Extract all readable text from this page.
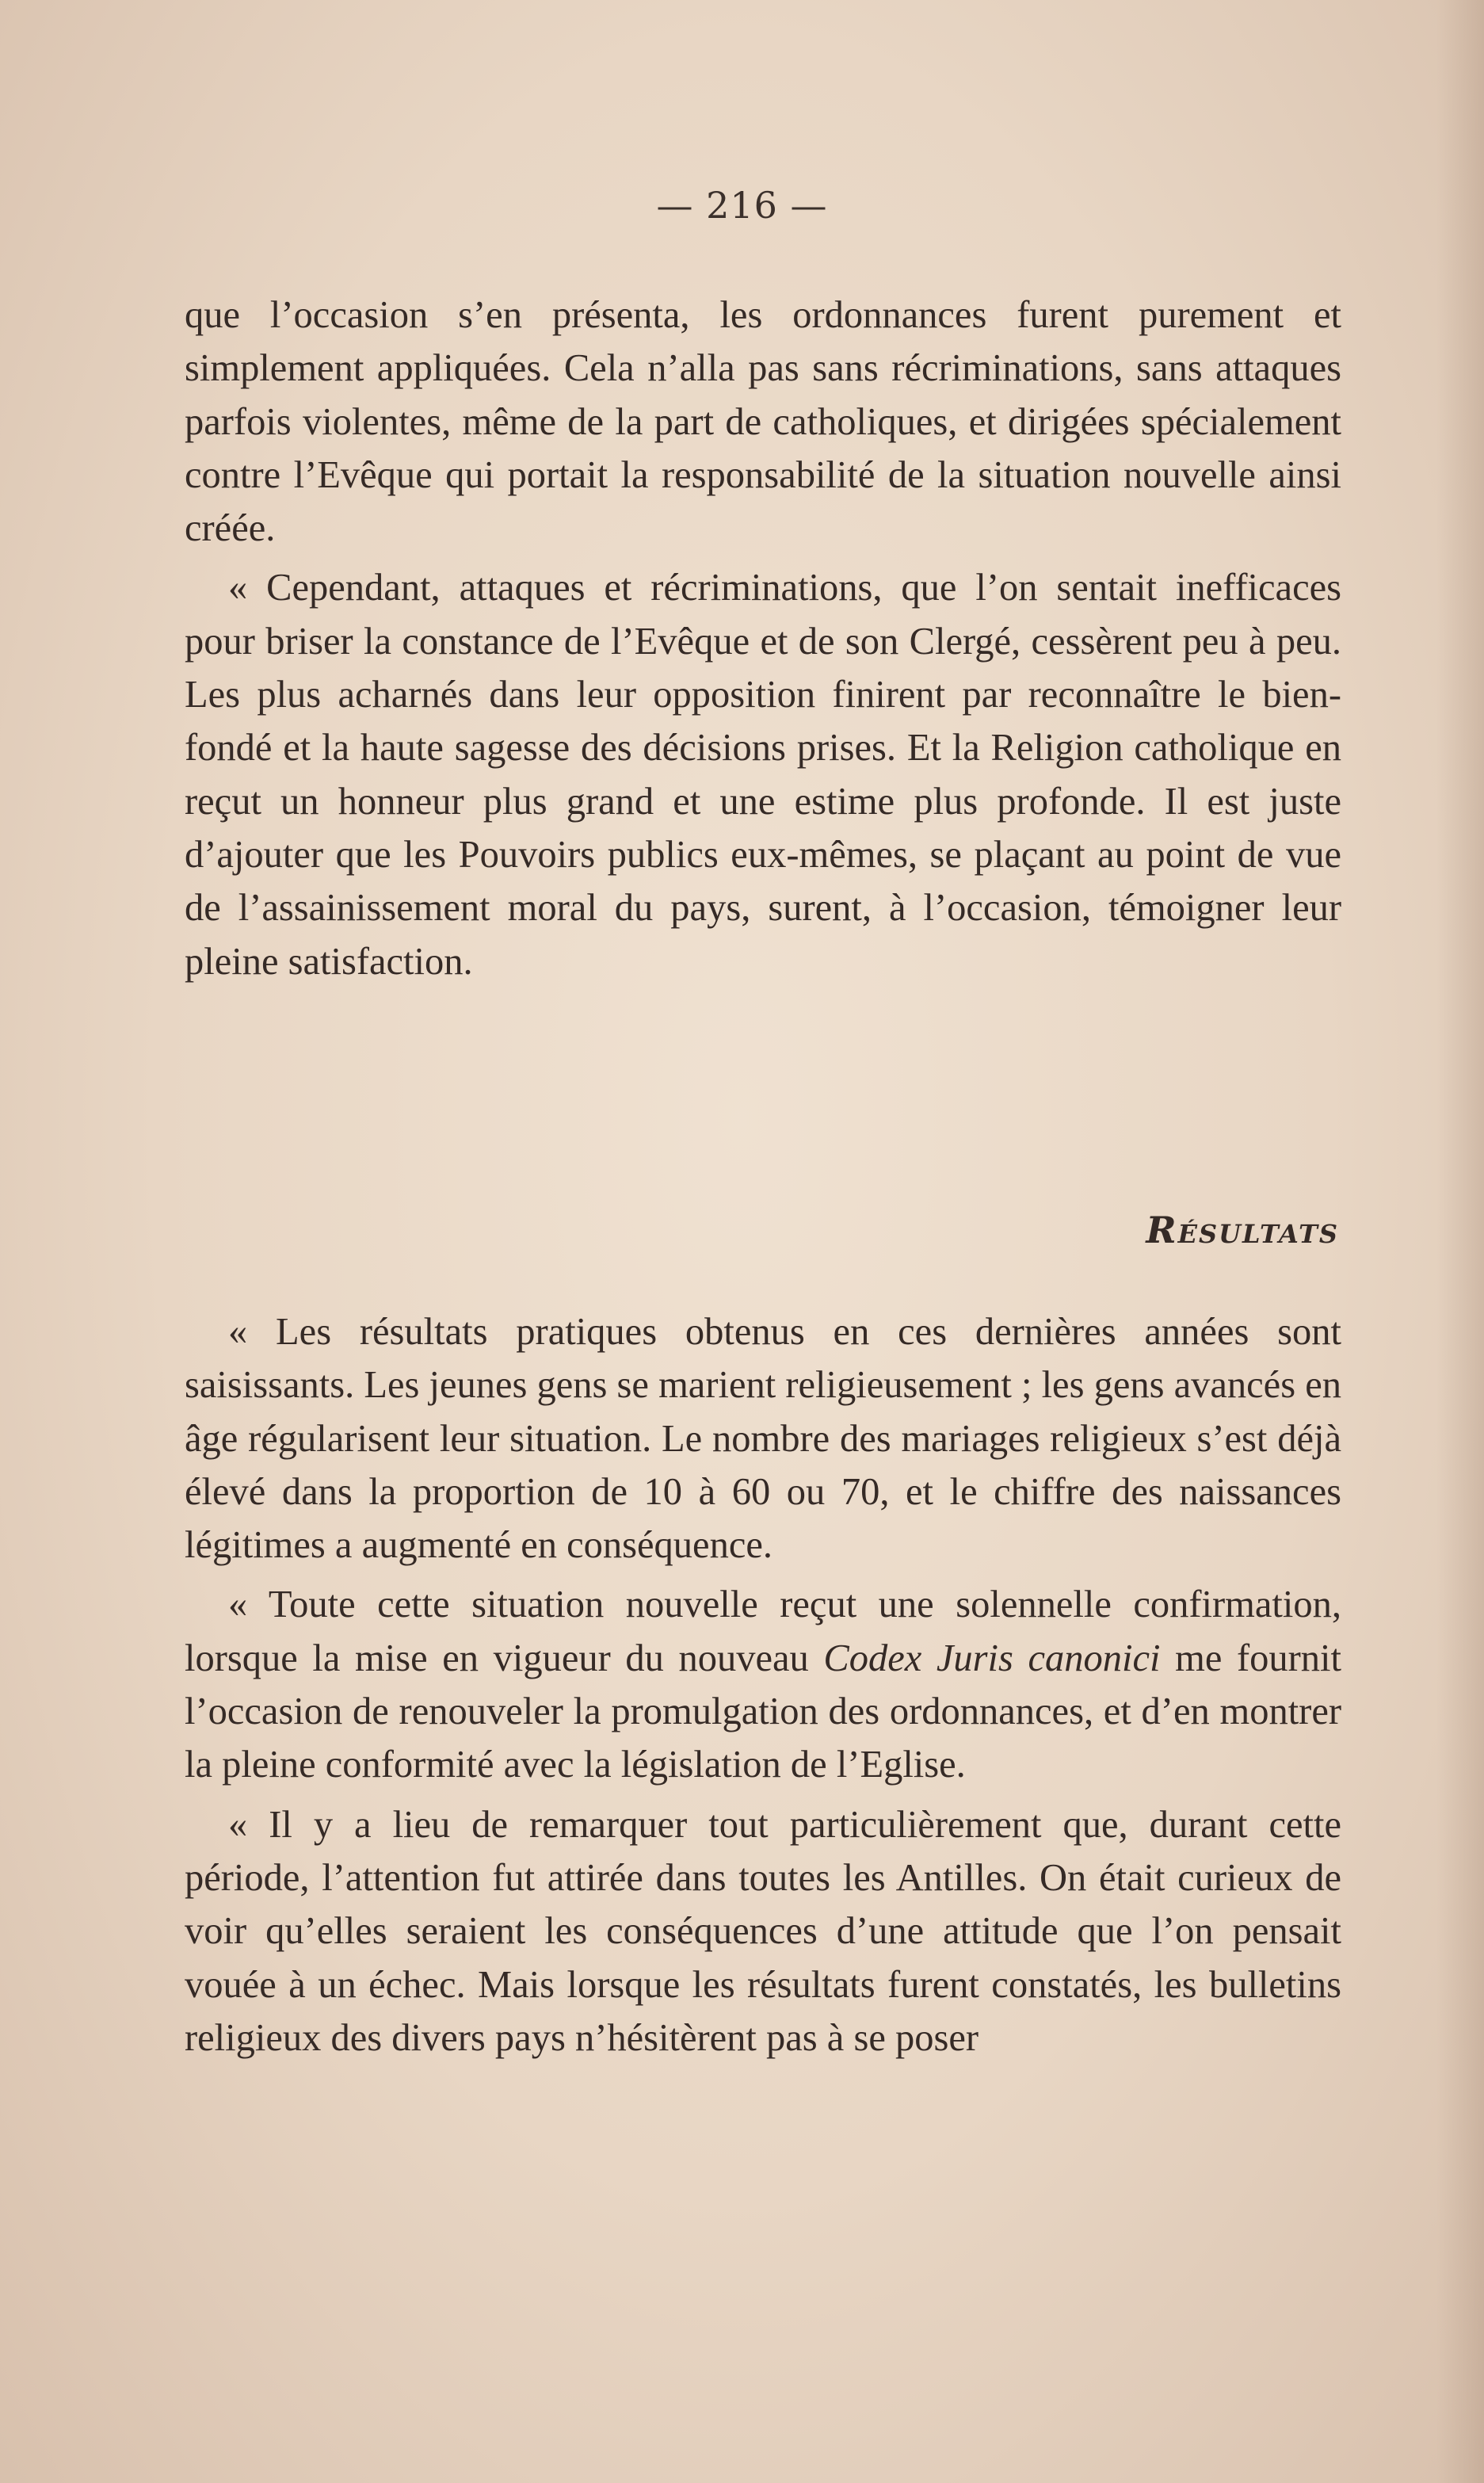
— 216 —

que l’occasion s’en présenta, les ordonnances furent purement et simplement appliquées. Cela n’alla pas sans récriminations, sans attaques parfois violentes, même de la part de catholiques, et dirigées spécialement contre l’Evêque qui portait la responsabilité de la situation nouvelle ainsi créée.

« Cependant, attaques et récriminations, que l’on sentait inefficaces pour briser la constance de l’Evêque et de son Clergé, cessèrent peu à peu. Les plus acharnés dans leur opposition finirent par reconnaître le bien-fondé et la haute sagesse des décisions prises. Et la Religion catholique en reçut un honneur plus grand et une estime plus profonde. Il est juste d’ajouter que les Pouvoirs publics eux-mêmes, se plaçant au point de vue de l’assainissement moral du pays, surent, à l’occasion, témoigner leur pleine satisfaction.

RÉSULTATS

« Les résultats pratiques obtenus en ces dernières années sont saisissants. Les jeunes gens se marient religieusement ; les gens avancés en âge régularisent leur situation. Le nombre des mariages religieux s’est déjà élevé dans la proportion de 10 à 60 ou 70, et le chiffre des naissances légitimes a augmenté en conséquence.

« Toute cette situation nouvelle reçut une solennelle confirmation, lorsque la mise en vigueur du nouveau Codex Juris canonici me fournit l’occasion de renouveler la promulgation des ordonnances, et d’en montrer la pleine conformité avec la législation de l’Eglise.

« Il y a lieu de remarquer tout particulièrement que, durant cette période, l’attention fut attirée dans toutes les Antilles. On était curieux de voir qu’elles seraient les conséquences d’une attitude que l’on pensait vouée à un échec. Mais lorsque les résultats furent constatés, les bulletins religieux des divers pays n’hésitèrent pas à se poser
